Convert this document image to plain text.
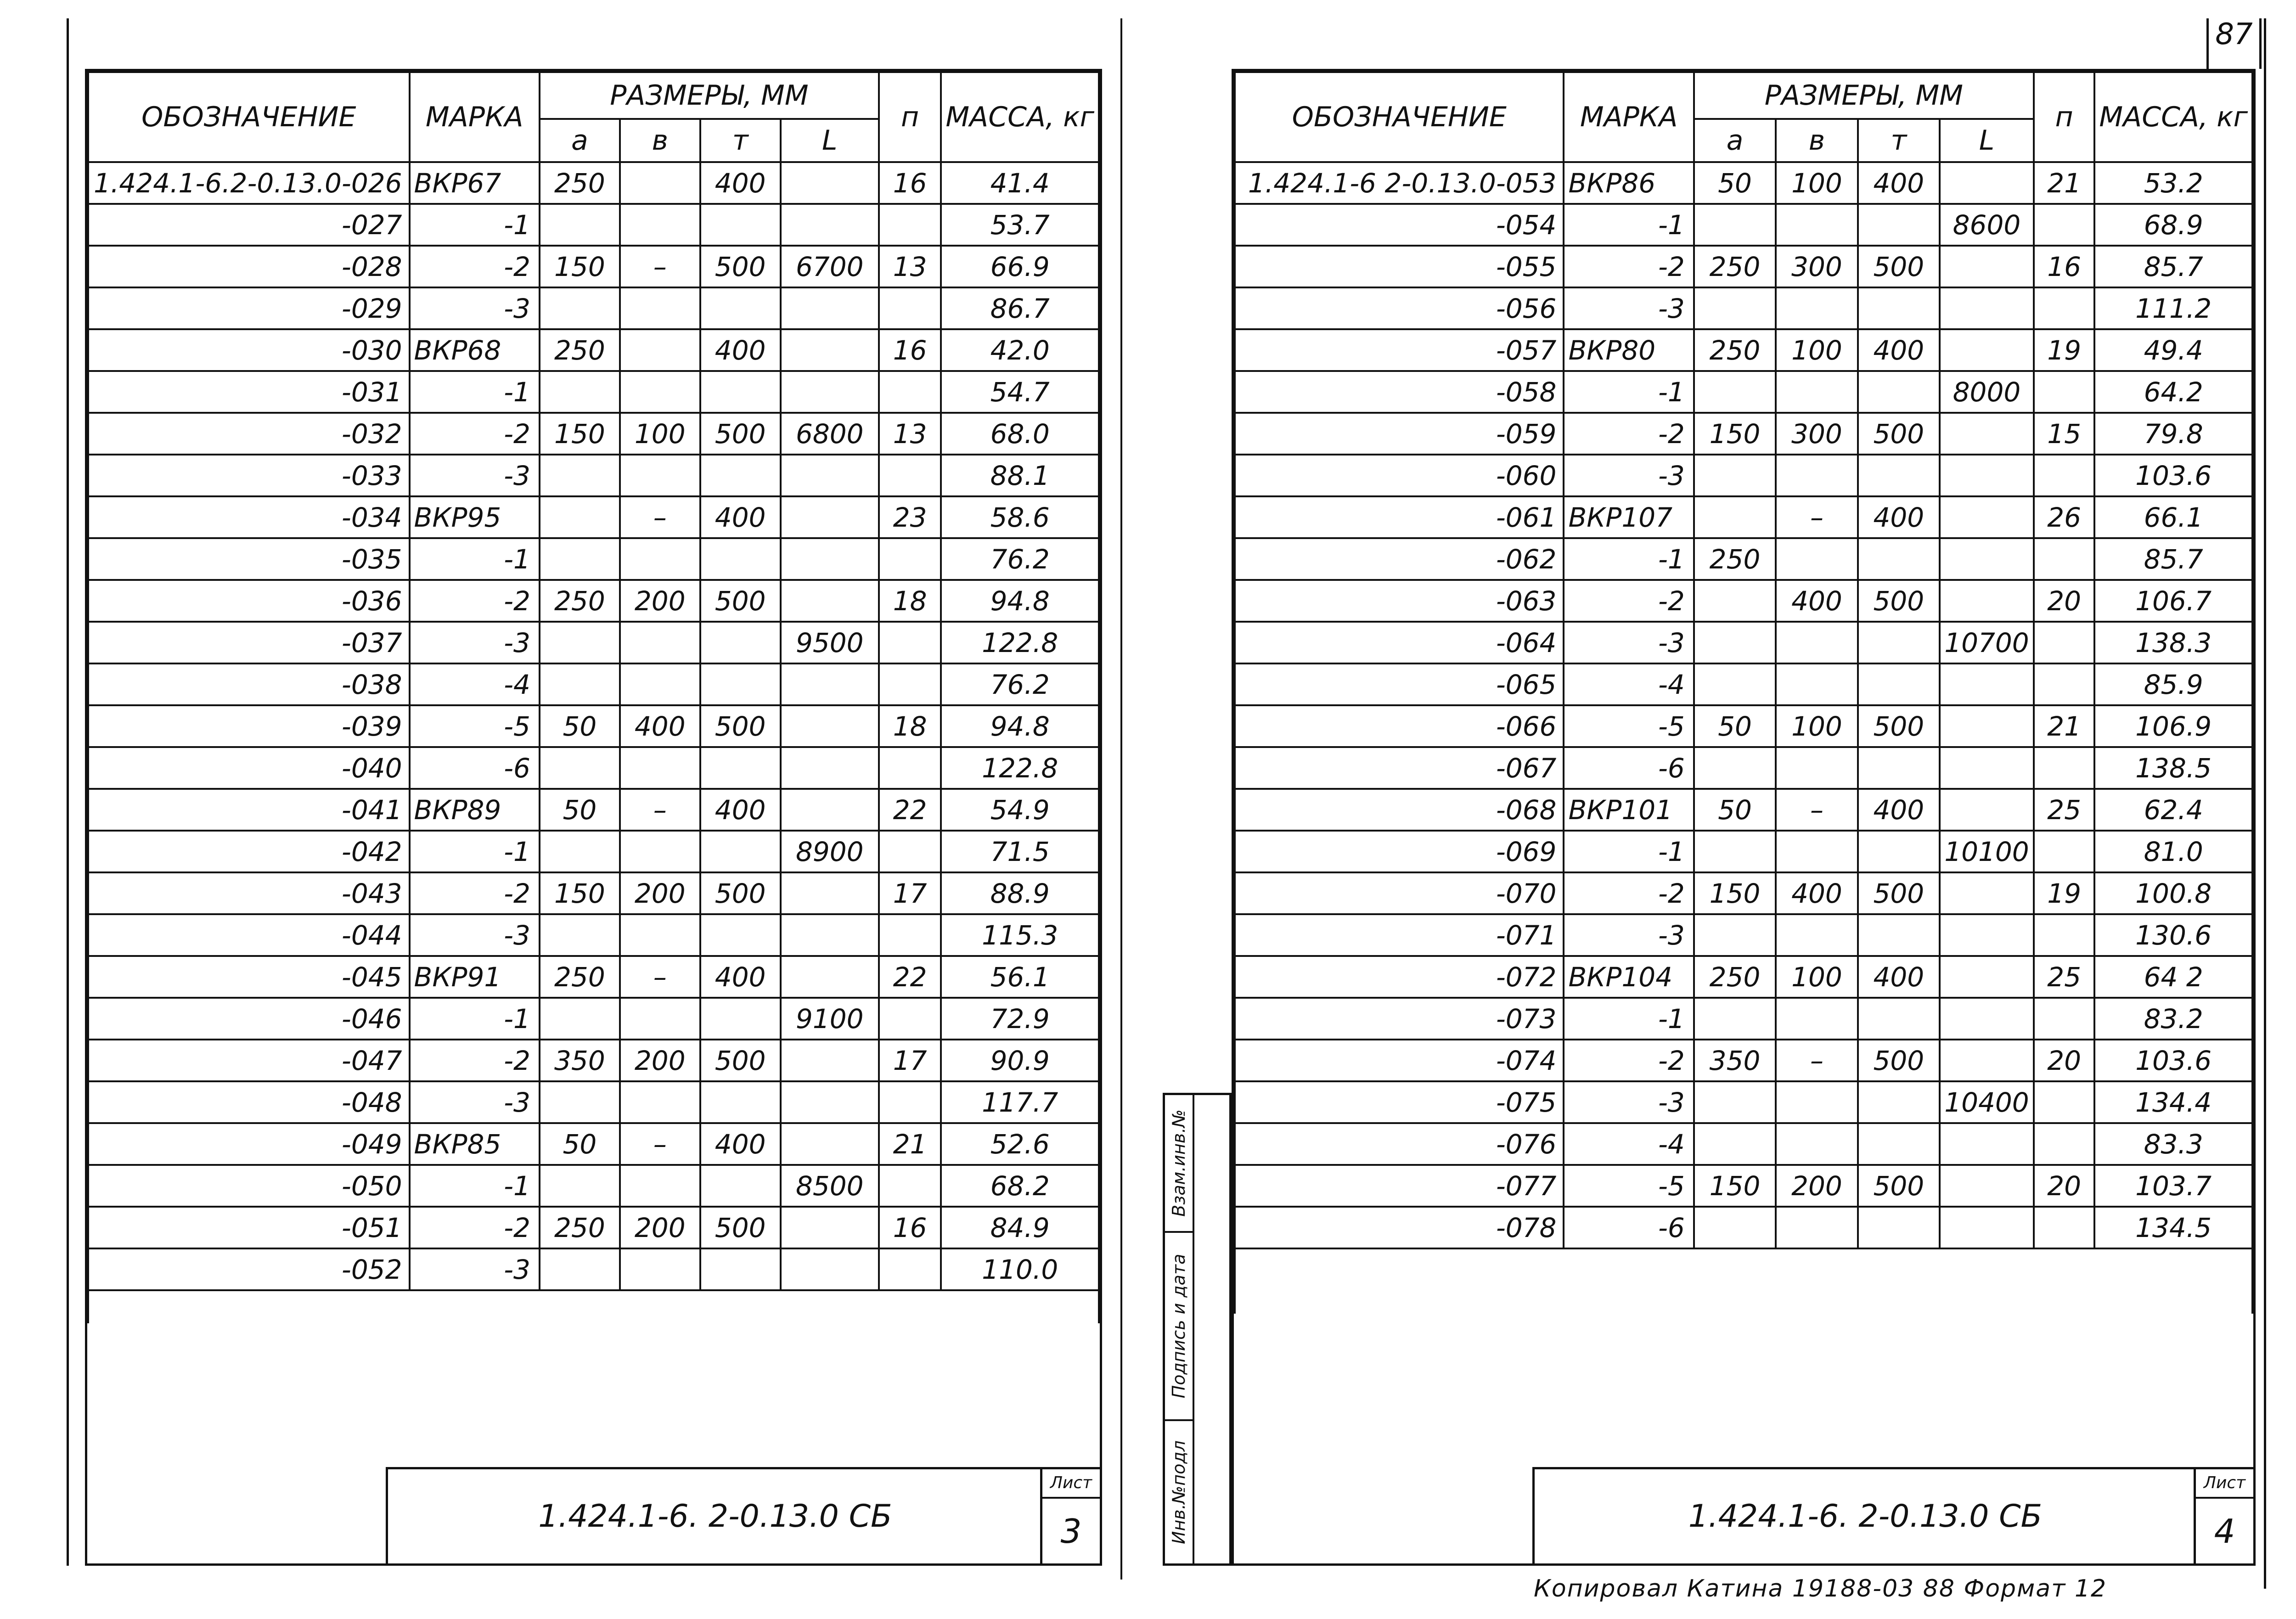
ОБОЗНАЧЕНИЕ	МАРКА	РАЗМЕРЫ, ММ				п	МАССА, кг
		а	в	т	L		
1.424.1-6.2-0.13.0-026	ВКР67	250		400		16	41.4
-027	-1						53.7
-028	-2	150	–	500	6700	13	66.9
-029	-3						86.7
-030	ВКР68	250		400		16	42.0
-031	-1						54.7
-032	-2	150	100	500	6800	13	68.0
-033	-3						88.1
-034	ВКР95		–	400		23	58.6
-035	-1						76.2
-036	-2	250	200	500		18	94.8
-037	-3				9500		122.8
-038	-4						76.2
-039	-5	50	400	500		18	94.8
-040	-6						122.8
-041	ВКР89	50	–	400		22	54.9
-042	-1				8900		71.5
-043	-2	150	200	500		17	88.9
-044	-3						115.3
-045	ВКР91	250	–	400		22	56.1
-046	-1				9100		72.9
-047	-2	350	200	500		17	90.9
-048	-3						117.7
-049	ВКР85	50	–	400		21	52.6
-050	-1				8500		68.2
-051	-2	250	200	500		16	84.9
-052	-3						110.0

1.424.1-6. 2-0.13.0 СБ
Лист
3
ОБОЗНАЧЕНИЕ	МАРКА	РАЗМЕРЫ, ММ				п	МАССА, кг
		а	в	т	L		
1.424.1-6 2-0.13.0-053	ВКР86	50	100	400		21	53.2
-054	-1				8600		68.9
-055	-2	250	300	500		16	85.7
-056	-3						111.2
-057	ВКР80	250	100	400		19	49.4
-058	-1				8000		64.2
-059	-2	150	300	500		15	79.8
-060	-3						103.6
-061	ВКР107		–	400		26	66.1
-062	-1	250					85.7
-063	-2		400	500		20	106.7
-064	-3				10700		138.3
-065	-4						85.9
-066	-5	50	100	500		21	106.9
-067	-6						138.5
-068	ВКР101	50	–	400		25	62.4
-069	-1				10100		81.0
-070	-2	150	400	500		19	100.8
-071	-3						130.6
-072	ВКР104	250	100	400		25	64 2
-073	-1						83.2
-074	-2	350	–	500		20	103.6
-075	-3				10400		134.4
-076	-4						83.3
-077	-5	150	200	500		20	103.7
-078	-6						134.5

1.424.1-6. 2-0.13.0 СБ
Лист
4
Взам.инв.№
Подпись и дата
Инв.№подл
87
Копировал Катина 19188-03 88 Формат 12
